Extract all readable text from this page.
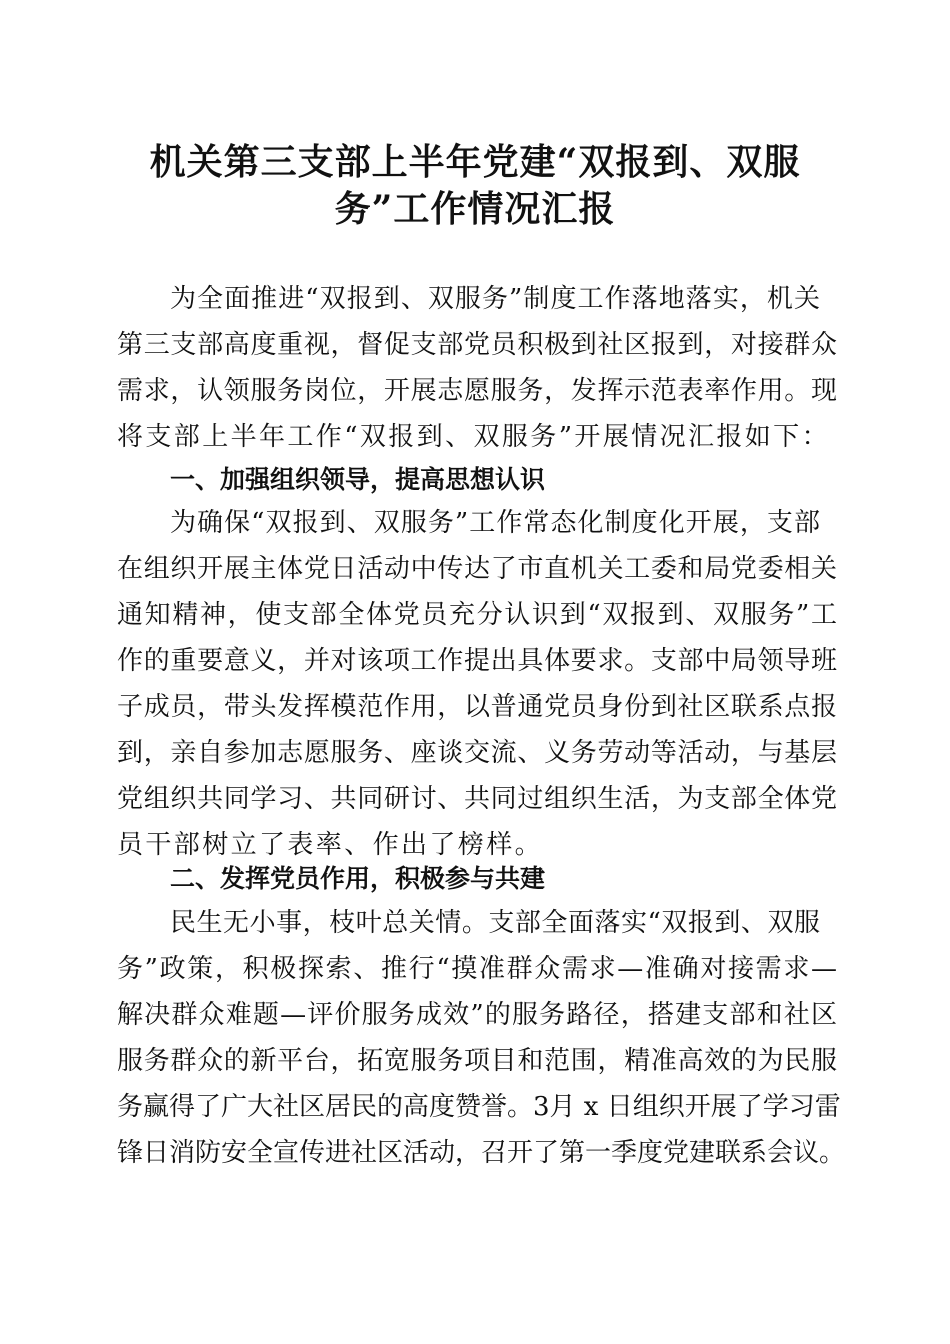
机关第三支部上半年党建“双报到、双服
务”工作情况汇报

为全面推进“双报到、双服务”制度工作落地落实，机关

第三支部高度重视，督促支部党员积极到社区报到，对接群众

需求，认领服务岗位，开展志愿服务，发挥示范表率作用。现

将支部上半年工作“双报到、双服务”开展情况汇报如下：

一、加强组织领导，提高思想认识

为确保“双报到、双服务”工作常态化制度化开展，支部

在组织开展主体党日活动中传达了市直机关工委和局党委相关

通知精神，使支部全体党员充分认识到“双报到、双服务”工

作的重要意义，并对该项工作提出具体要求。支部中局领导班

子成员，带头发挥模范作用，以普通党员身份到社区联系点报

到，亲自参加志愿服务、座谈交流、义务劳动等活动，与基层

党组织共同学习、共同研讨、共同过组织生活，为支部全体党

员干部树立了表率、作出了榜样。

二、发挥党员作用，积极参与共建

民生无小事，枝叶总关情。支部全面落实“双报到、双服

务”政策，积极探索、推行“摸准群众需求—准确对接需求—

解决群众难题—评价服务成效”的服务路径，搭建支部和社区

服务群众的新平台，拓宽服务项目和范围，精准高效的为民服

务赢得了广大社区居民的高度赞誉。3月 x 日组织开展了学习雷

锋日消防安全宣传进社区活动，召开了第一季度党建联系会议。
